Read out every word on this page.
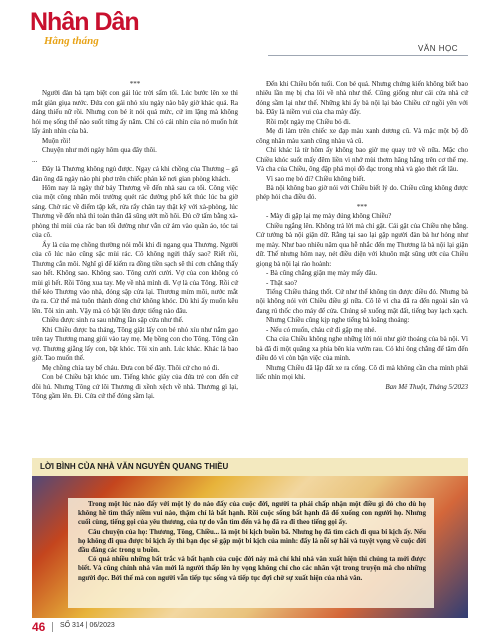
Nhân Dân
Hằng tháng
VĂN HỌC

***

Người đàn bà tạm biệt con gái lúc trời sẩm tối. Lúc bước lên xe thì mắt giàn giụa nước. Đứa con gái nhỏ xíu ngày nào bây giờ khác quá. Ra dáng thiếu nữ rồi. Nhưng con bé ít nói quá mức, cứ im lặng mà không hỏi mẹ sống thế nào suốt từng ấy năm. Chỉ có cái nhìn của nó muốn hút lấy ánh nhìn của bà.

Muộn rồi!

Chuyện như mới ngày hôm qua đây thôi.

...

Đây là Thương không ngủ được. Ngay cả khi chồng của Thương – gã đàn ông đã ngày nào phi phơ trên chiếc phản kê nơi gian phòng khách.

Hôm nay là ngày thứ bảy Thương về đến nhà sau ca tối. Công việc của một công nhân môi trường quét rác đường phố kết thúc lúc ba giờ sáng. Chờ rác về điểm tập kết, rửa rẩy chân tay thật kỹ với xà-phòng, lúc Thương về đến nhà thì toàn thân đã sũng ướt mồ hôi. Đủ cỡ tấm bằng xà-phòng thì mùi của rác ban tối đường như vẫn cứ ám vào quần áo, tóc tai của cô.

Ấy là của mẹ chồng thường nói mỗi khi đi ngang qua Thương. Người của cô lúc nào cũng sặc mùi rác. Cô không ngửi thấy sao? Riết rồi, Thương cắn môi. Nghĩ gì để kiếm ra đồng tiền sạch sẽ thì cơn chẳng thấy sao hết. Không sao. Không sao. Tông cười cười. Vợ của con không có mùi gì hết. Rồi Tông xua tay. Mẹ về nhà mình đi. Vợ là của Tông. Rồi cứ thế kéo Thương vào nhà, đóng sập cửa lại. Thương mím môi, nước mắt ứa ra. Cứ thế mà tuôn thành dòng chứ không khóc. Dù khi ấy muốn kêu lên. Tôi xin anh. Vậy mà có bật lên được tiếng nào đâu.

Chiều được sinh ra sau những lần sập cửa như thế.

Khi Chiều được ba tháng, Tông giật lấy con bé nhỏ xíu như nắm gạo trên tay Thương mang giúi vào tay mẹ. Mẹ bồng con cho Tông. Tông cần vợ. Thương giằng lấy con, bật khóc. Tôi xin anh. Lúc khác. Khác là bao giờ. Tao muốn thế.

Mẹ chồng chìa tay bế cháu. Đưa con bế đây. Thôi cứ cho nó đi.

Con bé Chiều bật khóc um. Tiếng khóc giày của đứa trẻ con đến cứ dồi hú. Nhưng Tông cứ lôi Thương đi xềnh xệch về nhà. Thương gì lại, Tông gầm lên. Đi. Cửa cứ thế đóng sầm lại.

Đến khi Chiều bốn tuổi. Con bé quá. Nhưng chứng kiến không biết bao nhiêu lần mẹ bị cha lôi về nhà như thế. Cũng giống như cái cửa nhà cứ đóng sầm lại như thế. Những khi ấy bà nội lại bảo Chiều cứ ngồi yên với bà. Đây là niềm vui của cha mày đấy.

Rồi một ngày mẹ Chiều bỏ đi.

Mẹ đi làm trên chiếc xe đạp màu xanh dương cũ. Và mặc một bộ đồ công nhân màu xanh cũng nhàu và cũ.

Chỉ khác là từ hôm ấy không bao giờ mẹ quay trở về nữa. Mặc cho Chiều khóc suốt mấy đêm liền vì nhớ mùi thơm hăng hắng trên cơ thể mẹ. Và cha của Chiều, ông đập phá mọi đồ đạc trong nhà và gào thét rất lâu.

Vì sao mẹ bỏ đi? Chiều không biết.

Bà nội không bao giờ nói với Chiều biết lý do. Chiều cũng không được phép hỏi cha điều đó.

***

- Mày đi gặp lại mẹ mày đúng không Chiều?

Chiều ngắng lên. Không trả lời mà chỉ gật. Cái gật của Chiều nhẹ bẫng. Cứ tưởng bà nội giận dữ. Rằng tại sao lại gặp người đàn bà hư hỏng như mẹ mày. Như bao nhiêu năm qua hễ nhắc đến mẹ Thương là bà nội lại giận dữ. Thế nhưng hôm nay, nét điều diện với khuôn mặt sũng ướt của Chiều giọng bà nội lại rào hoành:

- Bà cũng chẳng giận mẹ mày mấy đâu.

- Thật sao?

Tiếng Chiều tháng thốt. Cứ như thể không tin được điều đó. Nhưng bà nội không nói với Chiều điều gì nữa. Cô lê vì cha đã ra đến ngoài sân và đang rú thốc cho máy để cửa. Chúng sẽ xuống mặt đất, tiếng bay lạch xạch.

Nhưng Chiều cũng kịp nghe tiếng bà loãng thoảng:

- Nếu có muốn, cháu cứ đi gặp mẹ nhé.

Cha của Chiều không nghe những lời nói như giờ thoáng của bà nội. Vì bà đã đi một quãng xa phía bên kia vườn rau. Có khi ông chẳng để tâm đến điều đó vì còn bận việc của mình.

Nhưng Chiều đã lập đất xe ra cổng. Cô đi mà không cần cha mình phải liếc nhìn mọi khi.

Ban Mê Thuột, Tháng 5/2023

LỜI BÌNH CỦA NHÀ VĂN NGUYỄN QUANG THIỀU

Trong một lúc nào đấy với một lý do nào đấy của cuộc đời, người ta phải chấp nhận một điều gì đó cho dù họ không hề tìm thấy niềm vui nào, thậm chí là bất hạnh. Rồi cuộc sống bất hạnh đã đổ xuống con người họ. Nhưng cuối cùng, tiếng gọi của yêu thương, của tự do vẫn tìm đến và họ đã ra đi theo tiếng gọi ấy.

Câu chuyện của họ: Thương, Tông, Chiều... là một bi kịch buồn bã. Nhưng họ đã tìm cách đi qua bi kịch ấy. Nếu họ không đi qua được bi kịch ấy thì bạn đọc sẽ gặp một bi kịch của mình: đấy là nỗi sợ hãi và tuyệt vọng về cuộc đời đầu đàng các trong u buồn.

Có quá nhiều những bất trắc và bất hạnh của cuộc đời này mà chỉ khi nhà văn xuất hiện thì chúng ta mới được biết. Và cũng chính nhà văn mới là người thấp lên hy vọng không chỉ cho các nhân vật trong truyện mà cho những người đọc. Bởi thế mà con người vẫn tiếp tục sống và tiếp tục đợi chờ sự xuất hiện của nhà văn.

46 SỐ 314 | 06/2023
